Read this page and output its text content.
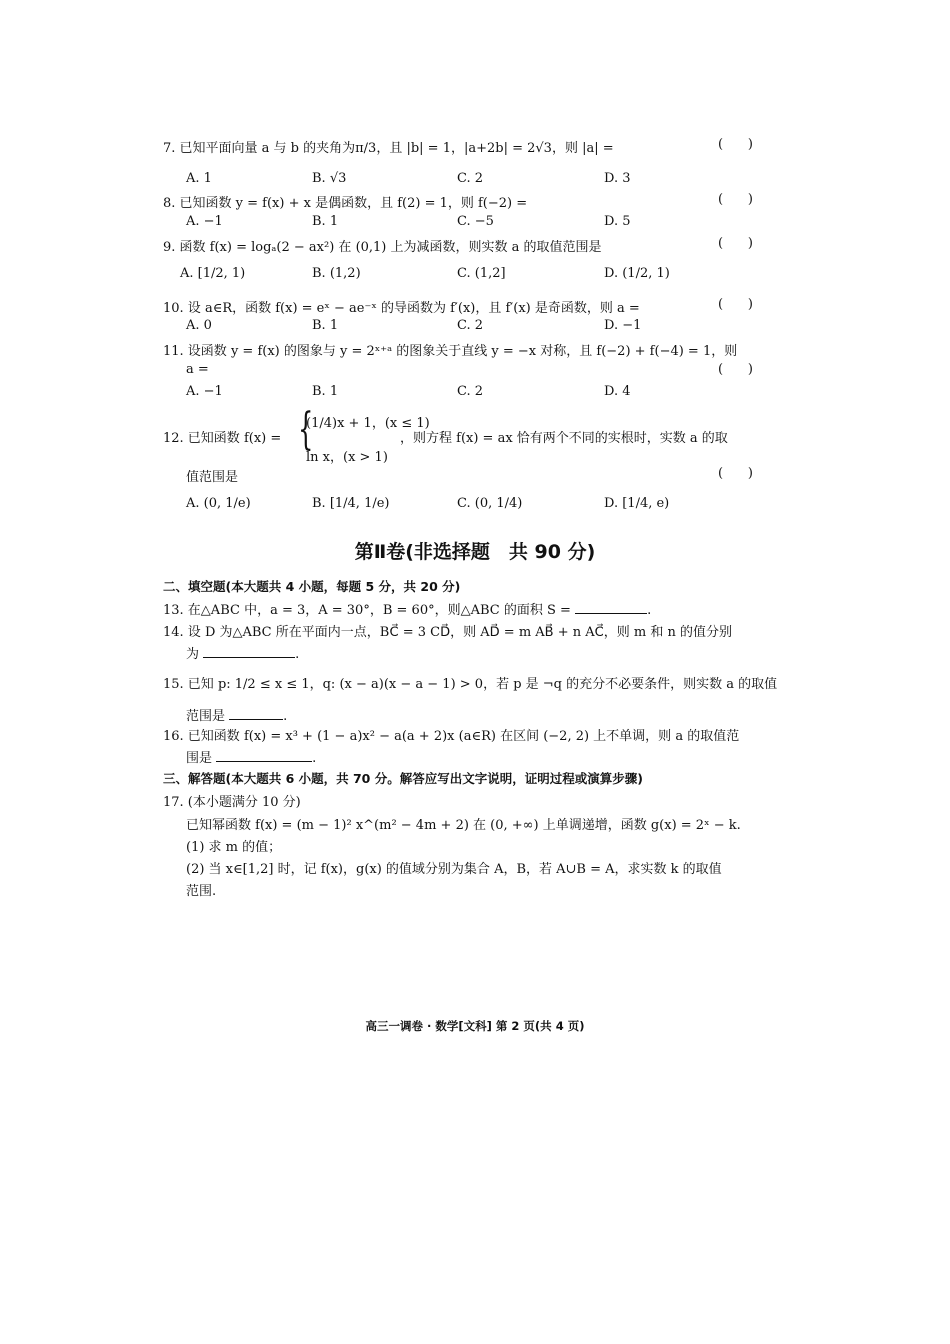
7. 已知平面向量 a 与 b 的夹角为π/3，且 |b| = 1，|a+2b| = 2√3，则 |a| =	(      )
A. 1	B. √3	C. 2	D. 3
8. 已知函数 y = f(x) + x 是偶函数，且 f(2) = 1，则 f(−2) =	(      )
A. −1	B. 1	C. −5	D. 5
9. 函数 f(x) = logₐ(2 − ax²) 在 (0,1) 上为减函数，则实数 a 的取值范围是	(      )
A. [1/2, 1)	B. (1,2)	C. (1,2]	D. (1/2, 1)
10. 设 a∈R，函数 f(x) = eˣ − ae⁻ˣ 的导函数为 f′(x)，且 f′(x) 是奇函数，则 a =	(      )
A. 0	B. 1	C. 2	D. −1
11. 设函数 y = f(x) 的图象与 y = 2ˣ⁺ᵃ 的图象关于直线 y = −x 对称，且 f(−2) + f(−4) = 1，则
a =	(      )
A. −1	B. 1	C. 2	D. 4
12. 已知函数 f(x) = {
(1/4)x + 1，(x ≤ 1)
ln x，(x > 1)
，则方程 f(x) = ax 恰有两个不同的实根时，实数 a 的取
值范围是	(      )
A. (0, 1/e)	B. [1/4, 1/e)	C. (0, 1/4)	D. [1/4, e)
第Ⅱ卷(非选择题　共 90 分)
二、填空题(本大题共 4 小题，每题 5 分，共 20 分)
13. 在△ABC 中，a = 3，A = 30°，B = 60°，则△ABC 的面积 S =	.
14. 设 D 为△ABC 所在平面内一点，BC⃗ = 3 CD⃗，则 AD⃗ = m AB⃗ + n AC⃗，则 m 和 n 的值分别
为	.
15. 已知 p: 1/2 ≤ x ≤ 1，q: (x − a)(x − a − 1) > 0，若 p 是 ¬q 的充分不必要条件，则实数 a 的取值
范围是	.
16. 已知函数 f(x) = x³ + (1 − a)x² − a(a + 2)x (a∈R) 在区间 (−2, 2) 上不单调，则 a 的取值范
围是	.
三、解答题(本大题共 6 小题，共 70 分。解答应写出文字说明，证明过程或演算步骤)
17. (本小题满分 10 分)
已知幂函数 f(x) = (m − 1)² x^(m² − 4m + 2) 在 (0, +∞) 上单调递增，函数 g(x) = 2ˣ − k.
(1) 求 m 的值；
(2) 当 x∈[1,2] 时，记 f(x)，g(x) 的值域分别为集合 A，B，若 A∪B = A，求实数 k 的取值
范围.
高三一调卷 · 数学[文科] 第 2 页(共 4 页)
